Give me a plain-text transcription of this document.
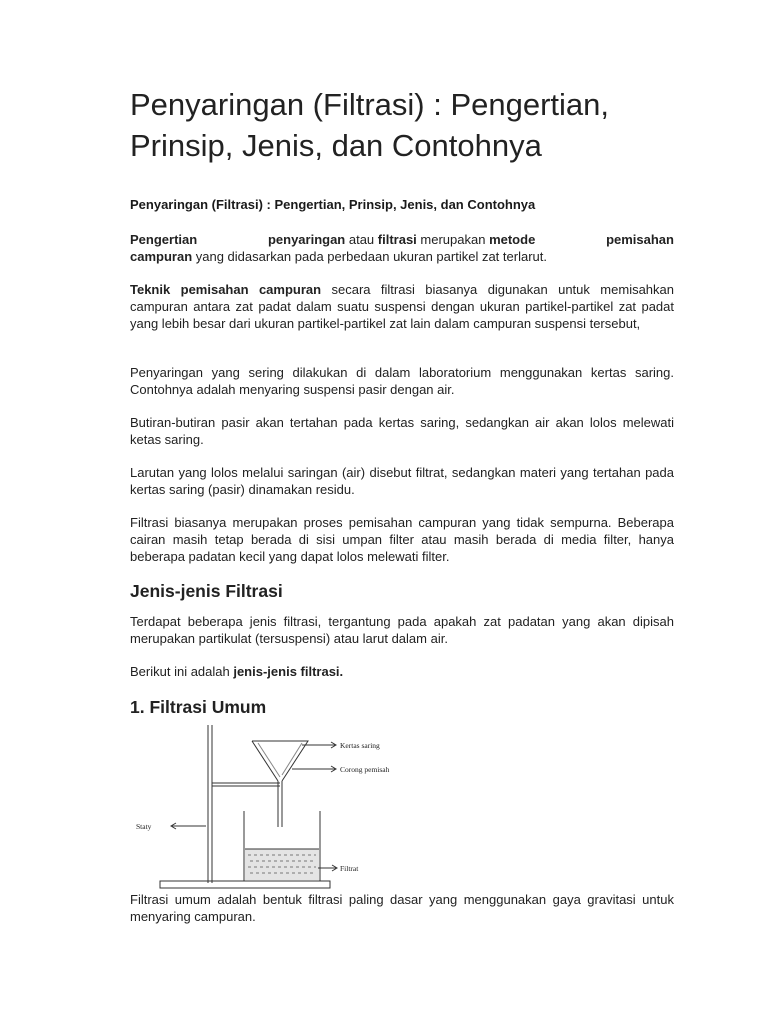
Penyaringan (Filtrasi) : Pengertian, Prinsip, Jenis, dan Contohnya

Penyaringan (Filtrasi) : Pengertian, Prinsip, Jenis, dan Contohnya

Pengertian	penyaringan atau filtrasi merupakan metode	pemisahan
campuran yang didasarkan pada perbedaan ukuran partikel zat terlarut.

Teknik pemisahan campuran secara filtrasi biasanya digunakan untuk memisahkan campuran antara zat padat dalam suatu suspensi dengan ukuran partikel-partikel zat padat yang lebih besar dari ukuran partikel-partikel zat lain dalam campuran suspensi tersebut,

Penyaringan yang sering dilakukan di dalam laboratorium menggunakan kertas saring. Contohnya adalah menyaring suspensi pasir dengan air.

Butiran-butiran pasir akan tertahan pada kertas saring, sedangkan air akan lolos melewati ketas saring.

Larutan yang lolos melalui saringan (air) disebut filtrat, sedangkan materi yang tertahan pada kertas saring (pasir) dinamakan residu.

Filtrasi biasanya merupakan proses pemisahan campuran yang tidak sempurna. Beberapa cairan masih tetap berada di sisi umpan filter atau masih berada di media filter, hanya beberapa padatan kecil yang dapat lolos melewati filter.

Jenis-jenis Filtrasi

Terdapat beberapa jenis filtrasi, tergantung pada apakah zat padatan yang akan dipisah merupakan partikulat (tersuspensi) atau larut dalam air.

Berikut ini adalah jenis-jenis filtrasi.

1. Filtrasi Umum
Kertas saring
Corong pemisah
Staty
Filtrat

Filtrasi umum adalah bentuk filtrasi paling dasar yang menggunakan gaya gravitasi untuk menyaring campuran.
